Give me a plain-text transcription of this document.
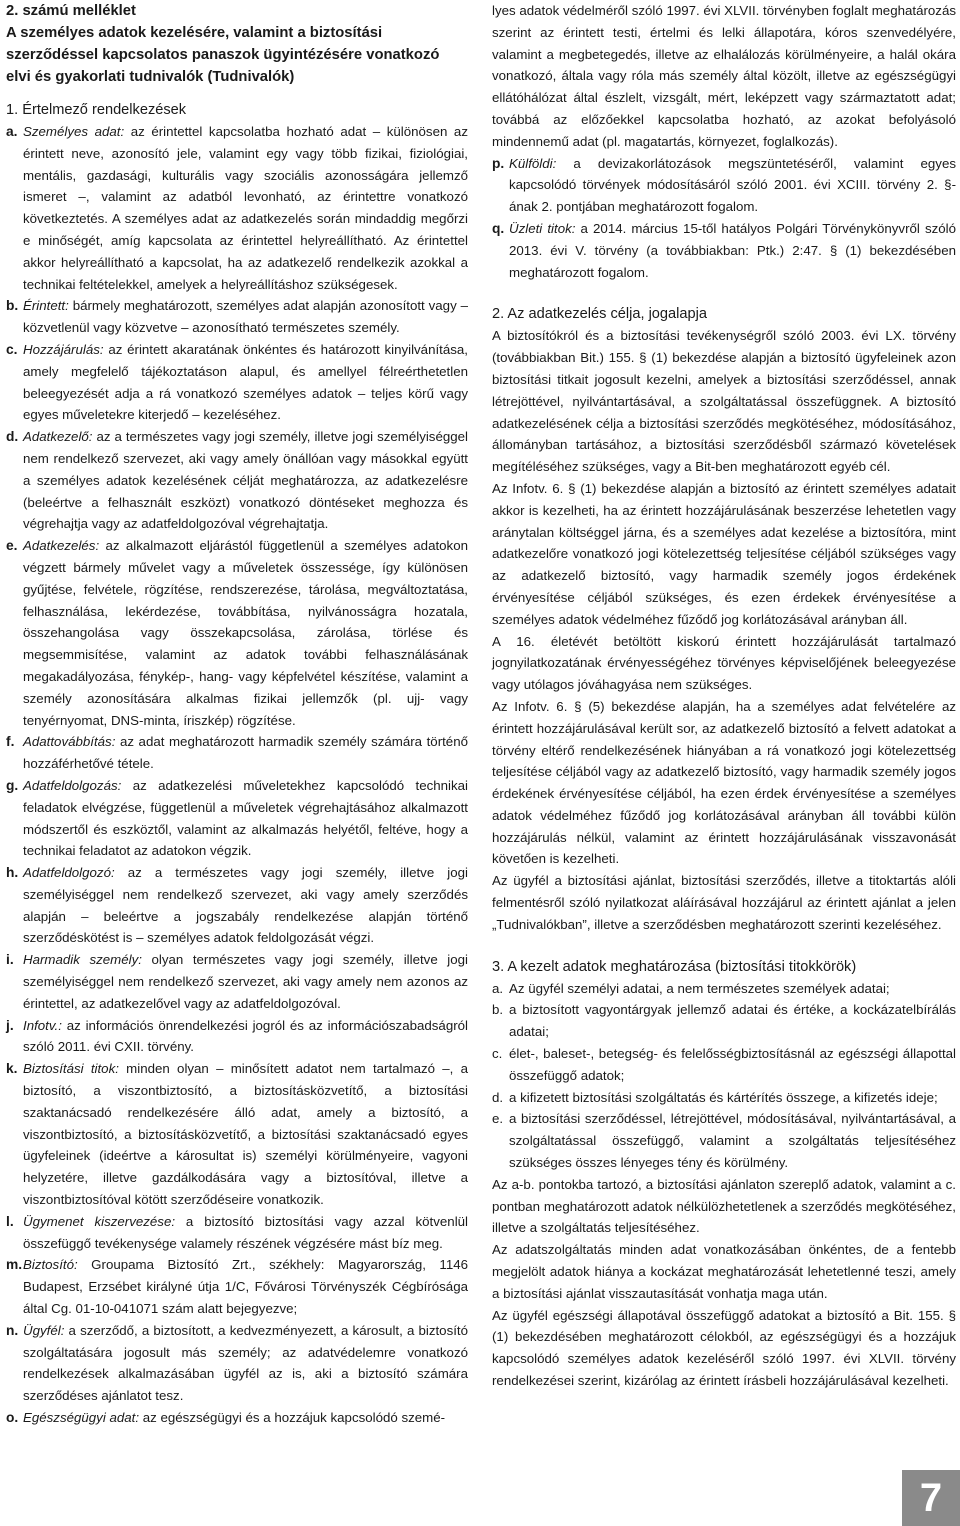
2. számú melléklet

A személyes adatok kezelésére, valamint a biztosítási szerződéssel kapcsolatos panaszok ügyintézésére vonatkozó elvi és gyakorlati tudnivalók (Tudnivalók)

1. Értelmező rendelkezések

a. Személyes adat: az érintettel kapcsolatba hozható adat – különösen az érintett neve, azonosító jele, valamint egy vagy több fizikai, fiziológiai, mentális, gazdasági, kulturális vagy szociális azonosságára jellemző ismeret –, valamint az adatból levonható, az érintettre vonatkozó következtetés. A személyes adat az adatkezelés során mindaddig megőrzi e minőségét, amíg kapcsolata az érintettel helyreállítható. Az érintettel akkor helyreállítható a kapcsolat, ha az adatkezelő rendelkezik azokkal a technikai feltételekkel, amelyek a helyreállításhoz szükségesek.
b. Érintett: bármely meghatározott, személyes adat alapján azonosított vagy – közvetlenül vagy közvetve – azonosítható természetes személy.
c. Hozzájárulás: az érintett akaratának önkéntes és határozott kinyilvánítása, amely megfelelő tájékoztatáson alapul, és amellyel félreérthetetlen beleegyezését adja a rá vonatkozó személyes adatok – teljes körű vagy egyes műveletekre kiterjedő – kezeléséhez.
d. Adatkezelő: az a természetes vagy jogi személy, illetve jogi személyiséggel nem rendelkező szervezet, aki vagy amely önállóan vagy másokkal együtt a személyes adatok kezelésének célját meghatározza, az adatkezelésre (beleértve a felhasznált eszközt) vonatkozó döntéseket meghozza és végrehajtja vagy az adatfeldolgozóval végrehajtatja.
e. Adatkezelés: az alkalmazott eljárástól függetlenül a személyes adatokon végzett bármely művelet vagy a műveletek összessége, így különösen gyűjtése, felvétele, rögzítése, rendszerezése, tárolása, megváltoztatása, felhasználása, lekérdezése, továbbítása, nyilvánosságra hozatala, összehangolása vagy összekapcsolása, zárolása, törlése és megsemmisítése, valamint az adatok további felhasználásának megakadályozása, fénykép-, hang- vagy képfelvétel készítése, valamint a személy azonosítására alkalmas fizikai jellemzők (pl. ujj- vagy tenyérnyomat, DNS-minta, íriszkép) rögzítése.
f. Adattovábbítás: az adat meghatározott harmadik személy számára történő hozzáférhetővé tétele.
g. Adatfeldolgozás: az adatkezelési műveletekhez kapcsolódó technikai feladatok elvégzése, függetlenül a műveletek végrehajtásához alkalmazott módszertől és eszköztől, valamint az alkalmazás helyétől, feltéve, hogy a technikai feladatot az adatokon végzik.
h. Adatfeldolgozó: az a természetes vagy jogi személy, illetve jogi személyiséggel nem rendelkező szervezet, aki vagy amely szerződés alapján – beleértve a jogszabály rendelkezése alapján történő szerződéskötést is – személyes adatok feldolgozását végzi.
i. Harmadik személy: olyan természetes vagy jogi személy, illetve jogi személyiséggel nem rendelkező szervezet, aki vagy amely nem azonos az érintettel, az adatkezelővel vagy az adatfeldolgozóval.
j. Infotv.: az információs önrendelkezési jogról és az információszabadságról szóló 2011. évi CXII. törvény.
k. Biztosítási titok: minden olyan – minősített adatot nem tartalmazó –, a biztosító, a viszontbiztosító, a biztosításközvetítő, a biztosítási szaktanácsadó rendelkezésére álló adat, amely a biztosító, a viszontbiztosító, a biztosításközvetítő, a biztosítási szaktanácsadó egyes ügyfeleinek (ideértve a károsultat is) személyi körülményeire, vagyoni helyzetére, illetve gazdálkodására vagy a biztosítóval, illetve a viszontbiztosítóval kötött szerződéseire vonatkozik.
l. Ügymenet kiszervezése: a biztosító biztosítási vagy azzal kötvenlül összefüggő tevékenysége valamely részének végzésére mást bíz meg.
m. Biztosító: Groupama Biztosító Zrt., székhely: Magyarország, 1146 Budapest, Erzsébet királyné útja 1/C, Fővárosi Törvényszék Cégbírósága által Cg. 01-10-041071 szám alatt bejegyezve;
n. Ügyfél: a szerződő, a biztosított, a kedvezményezett, a károsult, a biztosító szolgáltatására jogosult más személy; az adatvédelemre vonatkozó rendelkezések alkalmazásában ügyfél az is, aki a biztosító számára szerződéses ajánlatot tesz.
o. Egészségügyi adat: az egészségügyi és a hozzájuk kapcsolódó szemé-
lyes adatok védelméről szóló 1997. évi XLVII. törvényben foglalt meghatározás szerint az érintett testi, értelmi és lelki állapotára, kóros szenvedélyére, valamint a megbetegedés, illetve az elhalálozás körülményeire, a halál okára vonatkozó, általa vagy róla más személy által közölt, illetve az egészségügyi ellátóhálózat által észlelt, vizsgált, mért, leképzett vagy származtatott adat; továbbá az előzőekkel kapcsolatba hozható, az azokat befolyásoló mindennemű adat (pl. magatartás, környezet, foglalkozás).
p. Külföldi: a devizakorlátozások megszüntetéséről, valamint egyes kapcsolódó törvények módosításáról szóló 2001. évi XCIII. törvény 2. §-ának 2. pontjában meghatározott fogalom.
q. Üzleti titok: a 2014. március 15-től hatályos Polgári Törvénykönyvről szóló 2013. évi V. törvény (a továbbiakban: Ptk.) 2:47. § (1) bekezdésében meghatározott fogalom.

2. Az adatkezelés célja, jogalapja

A biztosítókról és a biztosítási tevékenységről szóló 2003. évi LX. törvény (továbbiakban Bit.) 155. § (1) bekezdése alapján a biztosító ügyfeleinek azon biztosítási titkait jogosult kezelni, amelyek a biztosítási szerződéssel, annak létrejöttével, nyilvántartásával, a szolgáltatással összefüggnek. A biztosító adatkezelésének célja a biztosítási szerződés megkötéséhez, módosításához, állományban tartásához, a biztosítási szerződésből származó követelések megítéléséhez szükséges, vagy a Bit-ben meghatározott egyéb cél.

Az Infotv. 6. § (1) bekezdése alapján a biztosító az érintett személyes adatait akkor is kezelheti, ha az érintett hozzájárulásának beszerzése lehetetlen vagy aránytalan költséggel járna, és a személyes adat kezelése a biztosítóra, mint adatkezelőre vonatkozó jogi kötelezettség teljesítése céljából szükséges vagy az adatkezelő biztosító, vagy harmadik személy jogos érdekének érvényesítése céljából szükséges, és ezen érdekek érvényesítése a személyes adatok védelméhez fűződő jog korlátozásával arányban áll.

A 16. életévét betöltött kiskorú érintett hozzájárulását tartalmazó jognyilatkozatának érvényességéhez törvényes képviselőjének beleegyezése vagy utólagos jóváhagyása nem szükséges.

Az Infotv. 6. § (5) bekezdése alapján, ha a személyes adat felvételére az érintett hozzájárulásával került sor, az adatkezelő biztosító a felvett adatokat a törvény eltérő rendelkezésének hiányában a rá vonatkozó jogi kötelezettség teljesítése céljából vagy az adatkezelő biztosító, vagy harmadik személy jogos érdekének érvényesítése céljából, ha ezen érdek érvényesítése a személyes adatok védelméhez fűződő jog korlátozásával arányban áll további külön hozzájárulás nélkül, valamint az érintett hozzájárulásának visszavonását követően is kezelheti.

Az ügyfél a biztosítási ajánlat, biztosítási szerződés, illetve a titoktartás alóli felmentésről szóló nyilatkozat aláírásával hozzájárul az érintett ajánlat a jelen „Tudnivalókban”, illetve a szerződésben meghatározott szerinti kezeléséhez.

3. A kezelt adatok meghatározása (biztosítási titokkörök)

a. Az ügyfél személyi adatai, a nem természetes személyek adatai;
b. a biztosított vagyontárgyak jellemző adatai és értéke, a kockázatelbírálás adatai;
c. élet-, baleset-, betegség- és felelősségbiztosításnál az egészségi állapottal összefüggő adatok;
d. a kifizetett biztosítási szolgáltatás és kártérítés összege, a kifizetés ideje;
e. a biztosítási szerződéssel, létrejöttével, módosításával, nyilvántartásával, a szolgáltatással összefüggő, valamint a szolgáltatás teljesítéséhez szükséges összes lényeges tény és körülmény.

Az a-b. pontokba tartozó, a biztosítási ajánlaton szereplő adatok, valamint a c. pontban meghatározott adatok nélkülözhetetlenek a szerződés megkötéséhez, illetve a szolgáltatás teljesítéséhez.

Az adatszolgáltatás minden adat vonatkozásában önkéntes, de a fentebb megjelölt adatok hiánya a kockázat meghatározását lehetetlenné teszi, amely a biztosítási ajánlat visszautasítását vonhatja maga után.

Az ügyfél egészségi állapotával összefüggő adatokat a biztosító a Bit. 155. § (1) bekezdésében meghatározott célokból, az egészségügyi és a hozzájuk kapcsolódó személyes adatok kezeléséről szóló 1997. évi XLVII. törvény rendelkezései szerint, kizárólag az érintett írásbeli hozzájárulásával kezelheti.

7
